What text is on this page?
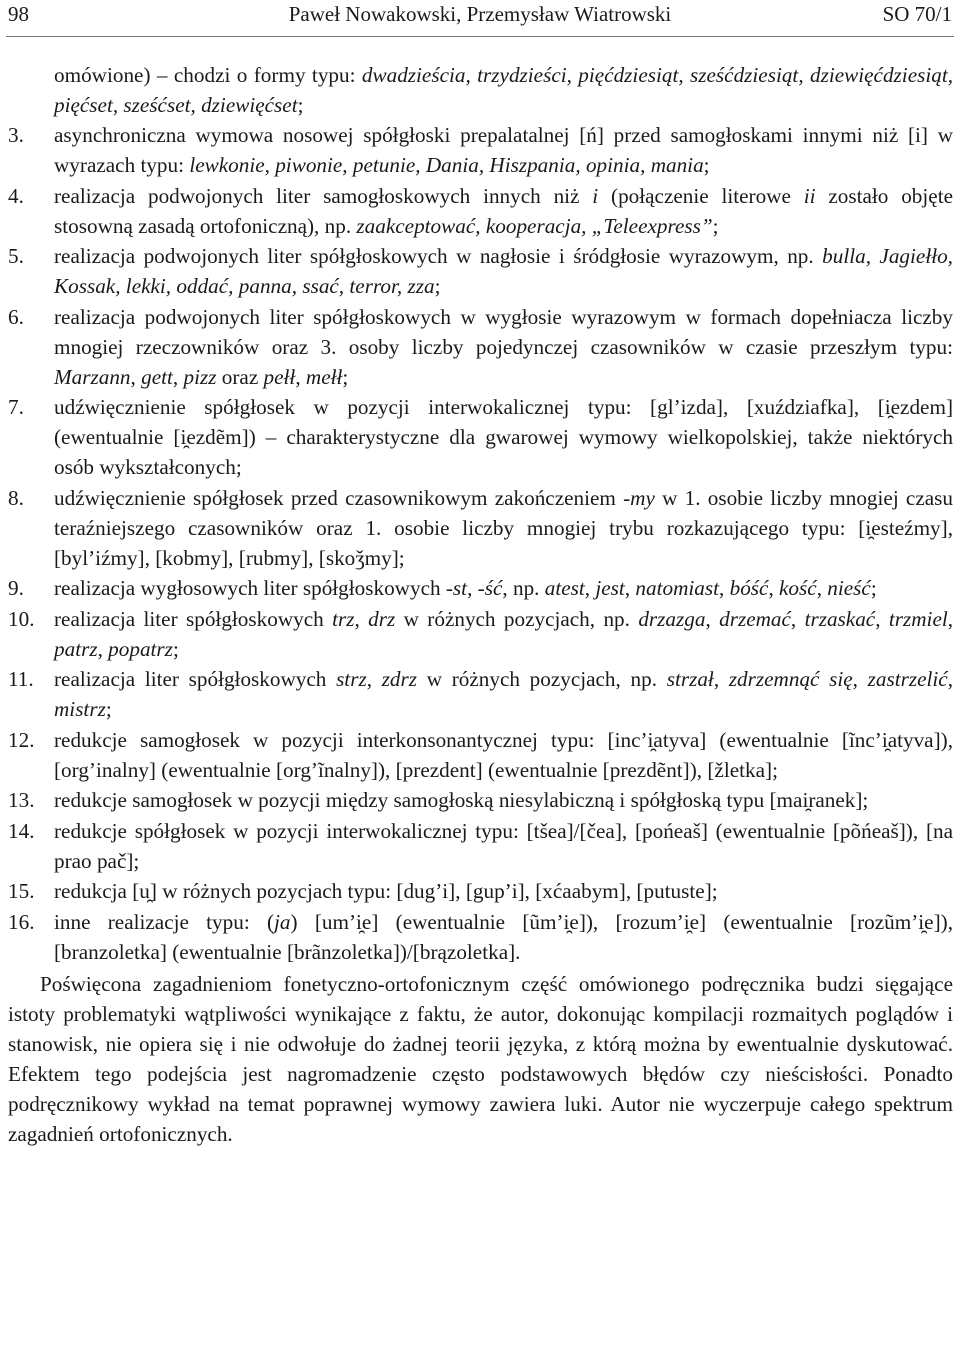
98	Paweł Nowakowski, Przemysław Wiatrowski	SO 70/1
omówione) – chodzi o formy typu: dwadzieścia, trzydzieści, pięćdziesiąt, sześćdziesiąt, dziewięćdziesiąt, pięćset, sześćset, dziewięćset;
3. asynchroniczna wymowa nosowej spółgłoski prepalatalnej [ń] przed samogłoskami innymi niż [i] w wyrazach typu: lewkonie, piwonie, petunie, Dania, Hiszpania, opinia, mania;
4. realizacja podwojonych liter samogłoskowych innych niż i (połączenie literowe ii zostało objęte stosowną zasadą ortofoniczną), np. zaakceptować, kooperacja, „Teleexpress”;
5. realizacja podwojonych liter spółgłoskowych w nagłosie i śródgłosie wyrazowym, np. bulla, Jagiełło, Kossak, lekki, oddać, panna, ssać, terror, zza;
6. realizacja podwojonych liter spółgłoskowych w wygłosie wyrazowym w formach dopełniacza liczby mnogiej rzeczowników oraz 3. osoby liczby pojedynczej czasowników w czasie przeszłym typu: Marzann, gett, pizz oraz pełł, mełł;
7. udźwięcznienie spółgłosek w pozycji interwokalicznej typu: [gl’izda], [xuździafka], [i̯ezdem] (ewentualnie [i̯ezdẽm]) – charakterystyczne dla gwarowej wymowy wielkopolskiej, także niektórych osób wykształconych;
8. udźwięcznienie spółgłosek przed czasownikowym zakończeniem -my w 1. osobie liczby mnogiej czasu teraźniejszego czasowników oraz 1. osobie liczby mnogiej trybu rozkazującego typu: [i̯esteźmy], [byl’iźmy], [kobmy], [rubmy], [skoǯmy];
9. realizacja wygłosowych liter spółgłoskowych -st, -ść, np. atest, jest, natomiast, bóść, kość, nieść;
10. realizacja liter spółgłoskowych trz, drz w różnych pozycjach, np. drzazga, drzemać, trzaskać, trzmiel, patrz, popatrz;
11. realizacja liter spółgłoskowych strz, zdrz w różnych pozycjach, np. strzał, zdrzemnąć się, zastrzelić, mistrz;
12. redukcje samogłosek w pozycji interkonsonantycznej typu: [inc’i̯atyva] (ewentualnie [ĩnc’i̯atyva]), [org’inalny] (ewentualnie [org’ĩnalny]), [prezdent] (ewentualnie [prezdẽnt]), [žletka];
13. redukcje samogłosek w pozycji między samogłoską niesylabiczną i spółgłoską typu [mai̯ranek];
14. redukcje spółgłosek w pozycji interwokalicznej typu: [tšea]/[čea], [pońeaš] (ewentualnie [põńeaš]), [na prao pač];
15. redukcja [u̯] w różnych pozycjach typu: [dug’i], [gup’i], [xćaabym], [putuste];
16. inne realizacje typu: (ja) [um’i̯e] (ewentualnie [ũm’i̯e]), [rozum’i̯e] (ewentualnie [rozũm’i̯e]), [branzoletka] (ewentualnie [brãnzoletka])/[brązoletka].

Poświęcona zagadnieniom fonetyczno-ortofonicznym część omówionego podręcznika budzi sięgające istoty problematyki wątpliwości wynikające z faktu, że autor, dokonując kompilacji rozmaitych poglądów i stanowisk, nie opiera się i nie odwołuje do żadnej teorii języka, z którą można by ewentualnie dyskutować. Efektem tego podejścia jest nagromadzenie często podstawowych błędów czy nieścisłości. Ponadto podręcznikowy wykład na temat poprawnej wymowy zawiera luki. Autor nie wyczerpuje całego spektrum zagadnień ortofonicznych.
